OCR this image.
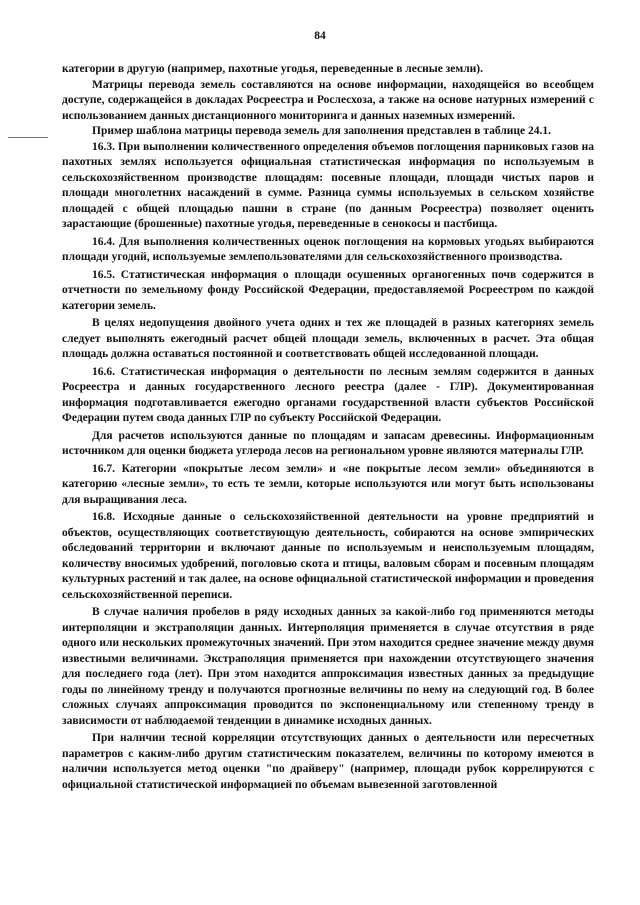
84

категории в другую (например, пахотные угодья, переведенные в лесные земли).

Матрицы перевода земель составляются на основе информации, находящейся во всеобщем доступе, содержащейся в докладах Росреестра и Рослесхоза, а также на основе натурных измерений с использованием данных дистанционного мониторинга и данных наземных измерений.

Пример шаблона матрицы перевода земель для заполнения представлен в таблице 24.1.

16.3. При выполнении количественного определения объемов поглощения парниковых газов на пахотных землях используется официальная статистическая информация по используемым в сельскохозяйственном производстве площадям: посевные площади, площади чистых паров и площади многолетних насаждений в сумме. Разница суммы используемых в сельском хозяйстве площадей с общей площадью пашни в стране (по данным Росреестра) позволяет оценить зарастающие (брошенные) пахотные угодья, переведенные в сенокосы и пастбища.

16.4. Для выполнения количественных оценок поглощения на кормовых угодьях выбираются площади угодий, используемые землепользователями для сельскохозяйственного производства.

16.5. Статистическая информация о площади осушенных органогенных почв содержится в отчетности по земельному фонду Российской Федерации, предоставляемой Росреестром по каждой категории земель.

В целях недопущения двойного учета одних и тех же площадей в разных категориях земель следует выполнять ежегодный расчет общей площади земель, включенных в расчет. Эта общая площадь должна оставаться постоянной и соответствовать общей исследованной площади.

16.6. Статистическая информация о деятельности по лесным землям содержится в данных Росреестра и данных государственного лесного реестра (далее - ГЛР). Документированная информация подготавливается ежегодно органами государственной власти субъектов Российской Федерации путем свода данных ГЛР по субъекту Российской Федерации.

Для расчетов используются данные по площадям и запасам древесины. Информационным источником для оценки бюджета углерода лесов на региональном уровне являются материалы ГЛР.

16.7. Категории «покрытые лесом земли» и «не покрытые лесом земли» объединяются в категорию «лесные земли», то есть те земли, которые используются или могут быть использованы для выращивания леса.

16.8. Исходные данные о сельскохозяйственной деятельности на уровне предприятий и объектов, осуществляющих соответствующую деятельность, собираются на основе эмпирических обследований территории и включают данные по используемым и неиспользуемым площадям, количеству вносимых удобрений, поголовью скота и птицы, валовым сборам и посевным площадям культурных растений и так далее, на основе официальной статистической информации и проведения сельскохозяйственной переписи.

В случае наличия пробелов в ряду исходных данных за какой-либо год применяются методы интерполяции и экстраполяции данных. Интерполяция применяется в случае отсутствия в ряде одного или нескольких промежуточных значений. При этом находится среднее значение между двумя известными величинами. Экстраполяция применяется при нахождении отсутствующего значения для последнего года (лет). При этом находится аппроксимация известных данных за предыдущие годы по линейному тренду и получаются прогнозные величины по нему на следующий год. В более сложных случаях аппроксимация проводится по экспоненциальному или степенному тренду в зависимости от наблюдаемой тенденции в динамике исходных данных.

При наличии тесной корреляции отсутствующих данных о деятельности или пересчетных параметров с каким-либо другим статистическим показателем, величины по которому имеются в наличии используется метод оценки "по драйверу" (например, площади рубок коррелируются с официальной статистической информацией по объемам вывезенной заготовленной
